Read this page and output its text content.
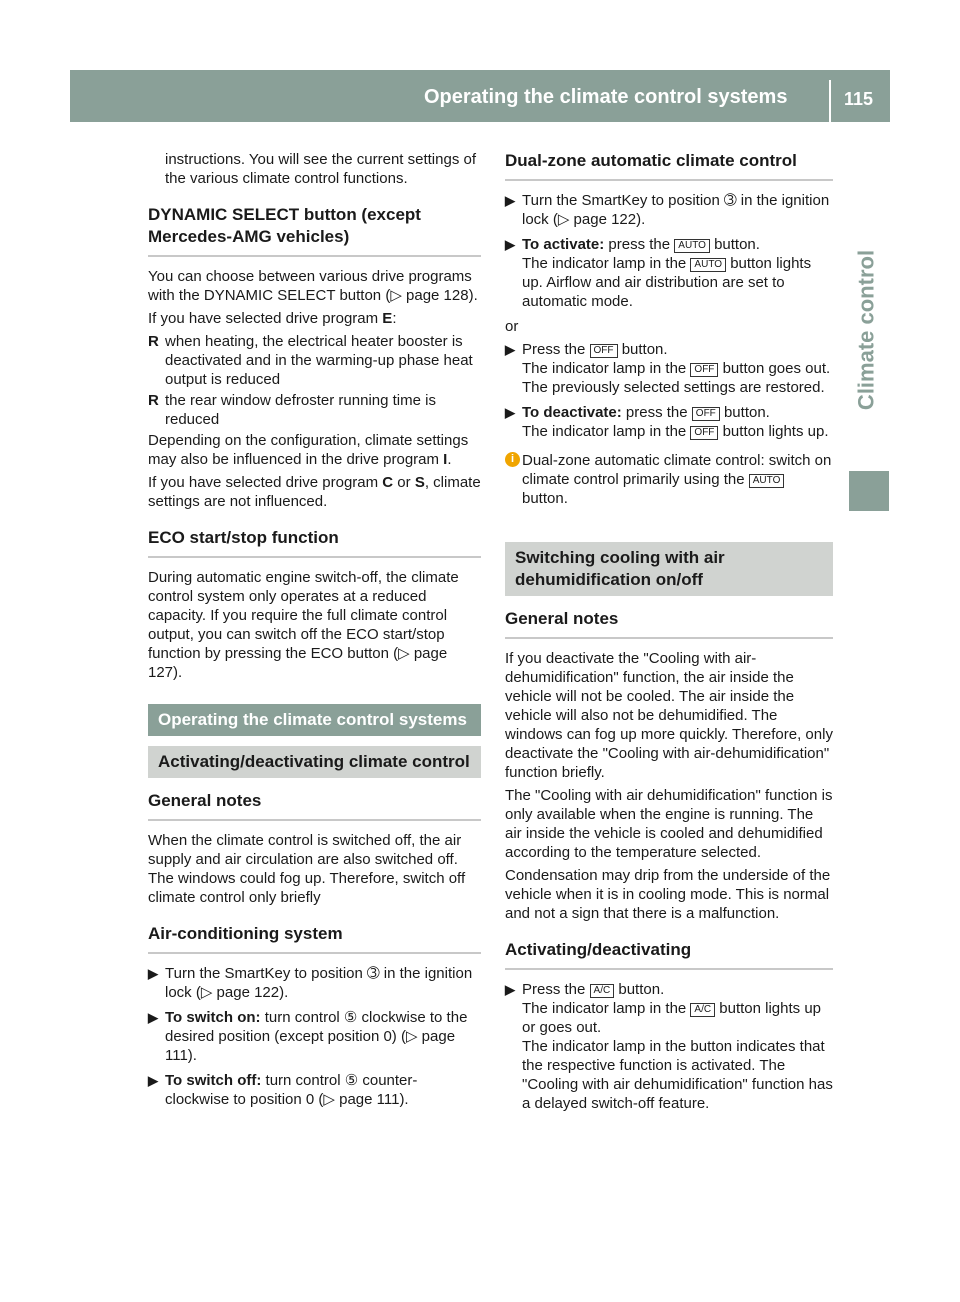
Operating the climate control systems	115
Climate control

instructions. You will see the current settings of the various climate control functions.

DYNAMIC SELECT button (except Mercedes-AMG vehicles)

You can choose between various drive programs with the DYNAMIC SELECT button (▷ page 128).

If you have selected drive program E:

R when heating, the electrical heater booster is deactivated and in the warming-up phase heat output is reduced
R the rear window defroster running time is reduced

Depending on the configuration, climate settings may also be influenced in the drive program I.

If you have selected drive program C or S, climate settings are not influenced.

ECO start/stop function

During automatic engine switch-off, the climate control system only operates at a reduced capacity. If you require the full climate control output, you can switch off the ECO start/stop function by pressing the ECO button (▷ page 127).

Operating the climate control systems
Activating/deactivating climate control
General notes

When the climate control is switched off, the air supply and air circulation are also switched off. The windows could fog up. Therefore, switch off climate control only briefly

Air-conditioning system
▶ Turn the SmartKey to position ➂ in the ignition lock (▷ page 122).
▶ To switch on: turn control ⑤ clockwise to the desired position (except position 0) (▷ page 111).
▶ To switch off: turn control ⑤ counter-clockwise to position 0 (▷ page 111).
Dual-zone automatic climate control
▶ Turn the SmartKey to position ➂ in the ignition lock (▷ page 122).
▶ To activate: press the AUTO button.
The indicator lamp in the AUTO button lights up. Airflow and air distribution are set to automatic mode.

or

▶ Press the OFF button.
The indicator lamp in the OFF button goes out. The previously selected settings are restored.
▶ To deactivate: press the OFF button.
The indicator lamp in the OFF button lights up.
i Dual-zone automatic climate control: switch on climate control primarily using the AUTO button.
Switching cooling with air dehumidification on/off
General notes

If you deactivate the "Cooling with air-dehumidification" function, the air inside the vehicle will not be cooled. The air inside the vehicle will also not be dehumidified. The windows can fog up more quickly. Therefore, only deactivate the "Cooling with air-dehumidification" function briefly.

The "Cooling with air dehumidification" function is only available when the engine is running. The air inside the vehicle is cooled and dehumidified according to the temperature selected.

Condensation may drip from the underside of the vehicle when it is in cooling mode. This is normal and not a sign that there is a malfunction.

Activating/deactivating
▶ Press the A/C button.
The indicator lamp in the A/C button lights up or goes out.
The indicator lamp in the button indicates that the respective function is activated. The "Cooling with air dehumidification" function has a delayed switch-off feature.
